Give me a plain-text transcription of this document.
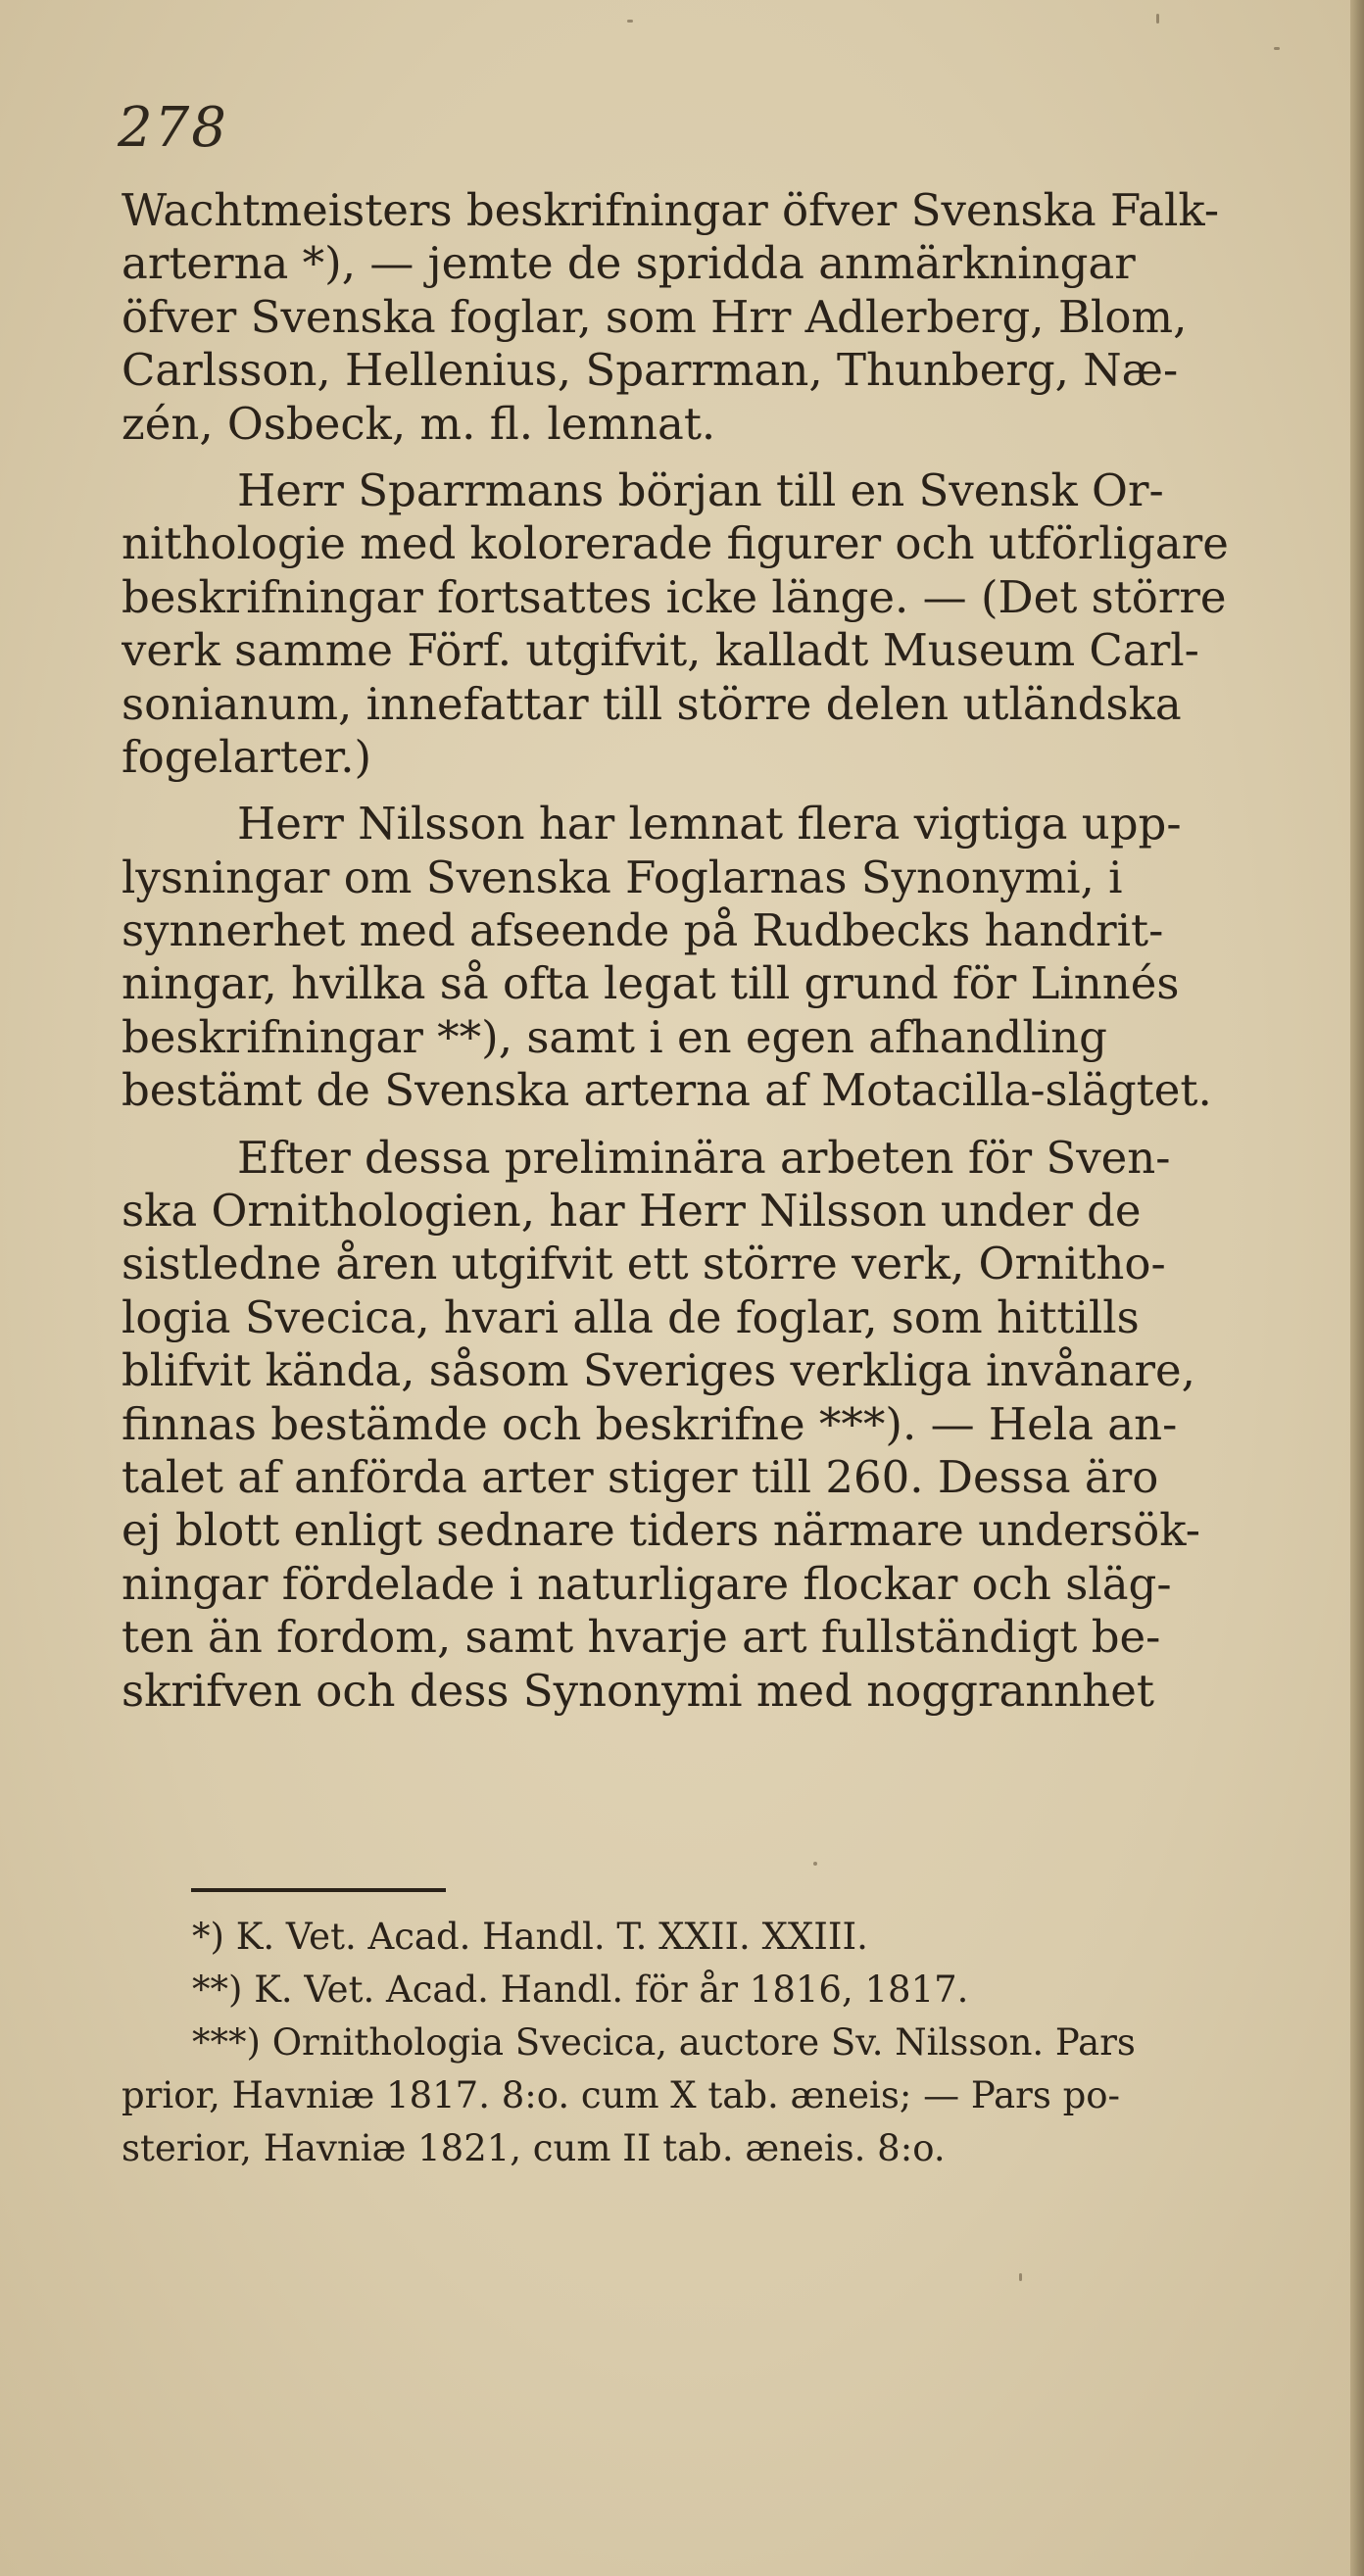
278
Wachtmeisters beskrifningar öfver Svenska Falk-
arterna *), — jemte de spridda anmärkningar
öfver Svenska foglar, som Hrr Adlerberg, Blom,
Carlsson, Hellenius, Sparrman, Thunberg, Næ-
zén, Osbeck, m. fl. lemnat.
Herr Sparrmans början till en Svensk Or-
nithologie med kolorerade figurer och utförligare
beskrifningar fortsattes icke länge. — (Det större
verk samme Förf. utgifvit, kalladt Museum Carl-
sonianum, innefattar till större delen utländska
fogelarter.)
Herr Nilsson har lemnat flera vigtiga upp-
lysningar om Svenska Foglarnas Synonymi, i
synnerhet med afseende på Rudbecks handrit-
ningar, hvilka så ofta legat till grund för Linnés
beskrifningar **), samt i en egen afhandling
bestämt de Svenska arterna af Motacilla-slägtet.
Efter dessa preliminära arbeten för Sven-
ska Ornithologien, har Herr Nilsson under de
sistledne åren utgifvit ett större verk, Ornitho-
logia Svecica, hvari alla de foglar, som hittills
blifvit kända, såsom Sveriges verkliga invånare,
finnas bestämde och beskrifne ***). — Hela an-
talet af anförda arter stiger till 260. Dessa äro
ej blott enligt sednare tiders närmare undersök-
ningar fördelade i naturligare flockar och släg-
ten än fordom, samt hvarje art fullständigt be-
skrifven och dess Synonymi med noggrannhet
*) K. Vet. Acad. Handl. T. XXII. XXIII.
**) K. Vet. Acad. Handl. för år 1816, 1817.
***) Ornithologia Svecica, auctore Sv. Nilsson. Pars
prior, Havniæ 1817. 8:o. cum X tab. æneis; — Pars po-
sterior, Havniæ 1821, cum II tab. æneis. 8:o.
